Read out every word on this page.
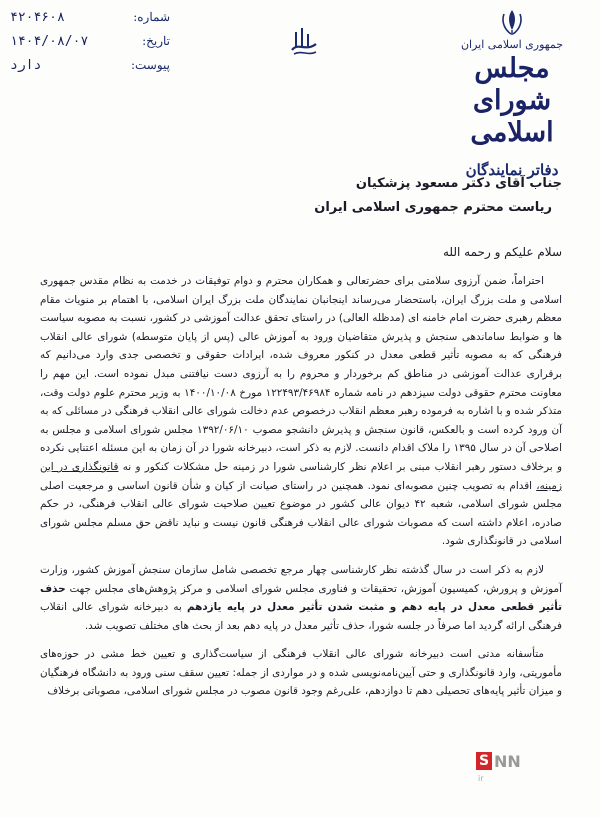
شماره:
۴۲۰۴۶۰۸
تاریخ:
۱۴۰۴/۰۸/۰۷
پیوست:
دارد
جمهوری اسلامی ایران
مجلس شورای اسلامی
دفاتر نمایندگان
جناب آقای دکتر مسعود پزشکیان
ریاست محترم جمهوری اسلامی ایران
سلام علیکم و رحمه الله

احتراماً، ضمن آرزوی سلامتی برای حضرتعالی و همکاران محترم و دوام توفیقات در خدمت به نظام مقدس جمهوری اسلامی و ملت بزرگ ایران، باستحضار می‌رساند اینجانبان نمایندگان ملت بزرگ ایران اسلامی، با اهتمام بر منویات مقام معظم رهبری حضرت امام خامنه ای (مدظله العالی) در راستای تحقق عدالت آموزشی در کشور، نسبت به مصوبه سیاست ها و ضوابط ساماندهی سنجش و پذیرش متقاضیان ورود به آموزش عالی (پس از پایان متوسطه) شورای عالی انقلاب فرهنگی که به مصوبه تأثیر قطعی معدل در کنکور معروف شده، ایرادات حقوقی و تخصصی جدی وارد می‌دانیم که برقراری عدالت آموزشی در مناطق کم برخوردار و محروم را به آرزوی دست نیافتنی مبدل نموده است. این مهم را معاونت محترم حقوقی دولت سیزدهم در نامه شماره ۱۲۲۴۹۳/۴۶۹۸۴ مورخ ۱۴۰۰/۱۰/۰۸ به وزیر محترم علوم دولت وقت، متذکر شده و با اشاره به فرموده رهبر معظم انقلاب درخصوص عدم دخالت شورای عالی انقلاب فرهنگی در مسائلی که به آن ورود کرده است و بالعکس، قانون سنجش و پذیرش دانشجو مصوب ۱۳۹۲/۰۶/۱۰ مجلس شورای اسلامی و مجلس به اصلاحی آن در سال ۱۳۹۵ را ملاک اقدام دانست. لازم به ذکر است، دبیرخانه شورا در آن زمان به این مسئله اعتنایی نکرده و برخلاف دستور رهبر انقلاب مبنی بر اعلام نظر کارشناسی شورا در زمینه حل مشکلات کنکور و نه قانونگذاری در این زمینه، اقدام به تصویب چنین مصوبه‌ای نمود. همچنین در راستای صیانت از کیان و شأن قانون اساسی و مرجعیت اصلی مجلس شورای اسلامی، شعبه ۴۲ دیوان عالی کشور در موضوع تعیین صلاحیت شورای عالی انقلاب فرهنگی، در حکم صادره، اعلام داشته است که مصوبات شورای عالی انقلاب فرهنگی قانون نیست و نباید ناقض حق مسلم مجلس شورای اسلامی در قانونگذاری شود.

لازم به ذکر است در سال گذشته نظر کارشناسی چهار مرجع تخصصی شامل سازمان سنجش آموزش کشور، وزارت آموزش و پرورش، کمیسیون آموزش، تحقیقات و فناوری مجلس شورای اسلامی و مرکز پژوهش‌های مجلس جهت حذف تأثیر قطعی معدل در پایه دهم و مثبت شدن تأثیر معدل در پایه یازدهم به دبیرخانه شورای عالی انقلاب فرهنگی ارائه گردید اما صرفاً در جلسه شورا، حذف تأثیر معدل در پایه دهم بعد از بحث های مختلف تصویب شد.

متأسفانه مدتی است دبیرخانه شورای عالی انقلاب فرهنگی از سیاست‌گذاری و تعیین خط مشی در حوزه‌های مأموریتی، وارد قانونگذاری و حتی آیین‌نامه‌نویسی شده و در مواردی از جمله: تعیین سقف سنی ورود به دانشگاه فرهنگیان و میزان تأثیر پایه‌های تحصیلی دهم تا دوازدهم، علی‌رغم وجود قانون مصوب در مجلس شورای اسلامی، مصوباتی برخلاف

S NN
ir
